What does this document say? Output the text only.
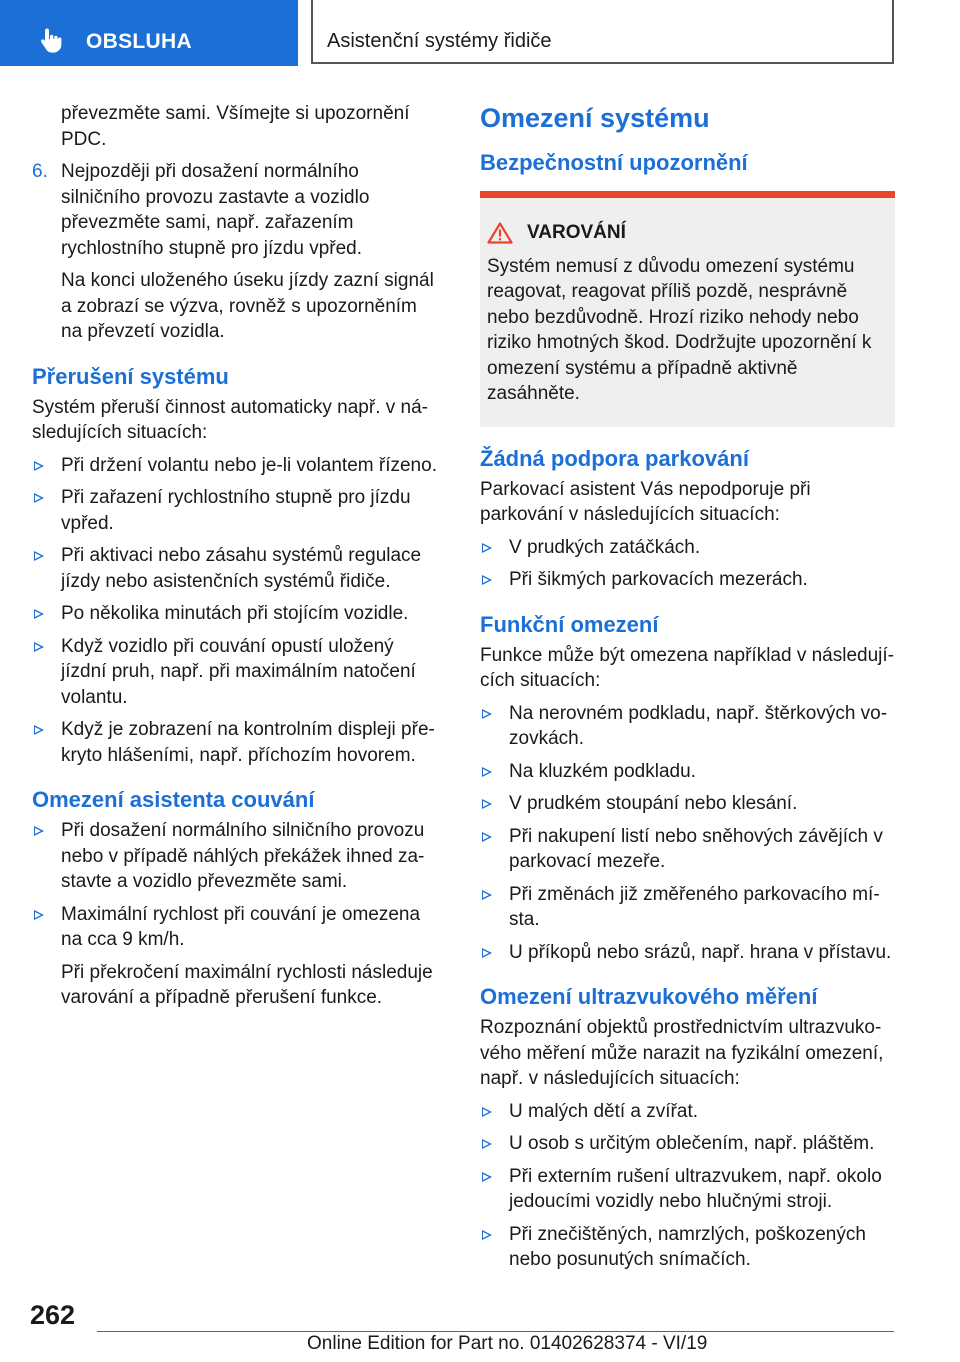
OBSLUHA	Asistenční systémy řidiče

převezměte sami. Všímejte si upozornění PDC.

6. Nejpozději při dosažení normálního silničního provozu zastavte a vozidlo převezměte sami, např. zařazením rychlostního stupně pro jízdu vpřed.

Na konci uloženého úseku jízdy zazní signál a zobrazí se výzva, rovněž s upozorněním na převzetí vozidla.

Přerušení systému

Systém přeruší činnost automaticky např. v následujících situacích:

Při držení volantu nebo je-li volantem řízeno.
Při zařazení rychlostního stupně pro jízdu vpřed.
Při aktivaci nebo zásahu systémů regulace jízdy nebo asistenčních systémů řidiče.
Po několika minutách při stojícím vozidle.
Když vozidlo při couvání opustí uložený jízdní pruh, např. při maximálním natočení volantu.
Když je zobrazení na kontrolním displeji překryto hlášeními, např. příchozím hovorem.
Omezení asistenta couvání
Při dosažení normálního silničního provozu nebo v případě náhlých překážek ihned zastavte a vozidlo převezměte sami.
Maximální rychlost při couvání je omezena na cca 9 km/h.

Při překročení maximální rychlosti následuje varování a případně přerušení funkce.

Omezení systému
Bezpečnostní upozornění
VAROVÁNÍ
Systém nemusí z důvodu omezení systému reagovat, reagovat příliš pozdě, nesprávně nebo bezdůvodně. Hrozí riziko nehody nebo riziko hmotných škod. Dodržujte upozornění k omezení systému a případně aktivně zasáhněte.
Žádná podpora parkování

Parkovací asistent Vás nepodporuje při parkování v následujících situacích:

V prudkých zatáčkách.
Při šikmých parkovacích mezerách.
Funkční omezení

Funkce může být omezena například v následujících situacích:

Na nerovném podkladu, např. štěrkových vozovkách.
Na kluzkém podkladu.
V prudkém stoupání nebo klesání.
Při nakupení listí nebo sněhových závějích v parkovací mezeře.
Při změnách již změřeného parkovacího místa.
U příkopů nebo srázů, např. hrana v přístavu.
Omezení ultrazvukového měření

Rozpoznání objektů prostřednictvím ultrazvukového měření může narazit na fyzikální omezení, např. v následujících situacích:

U malých dětí a zvířat.
U osob s určitým oblečením, např. pláštěm.
Při externím rušení ultrazvukem, např. okolo jedoucími vozidly nebo hlučnými stroji.
Při znečištěných, namrzlých, poškozených nebo posunutých snímačích.
262
Online Edition for Part no. 01402628374 - VI/19
